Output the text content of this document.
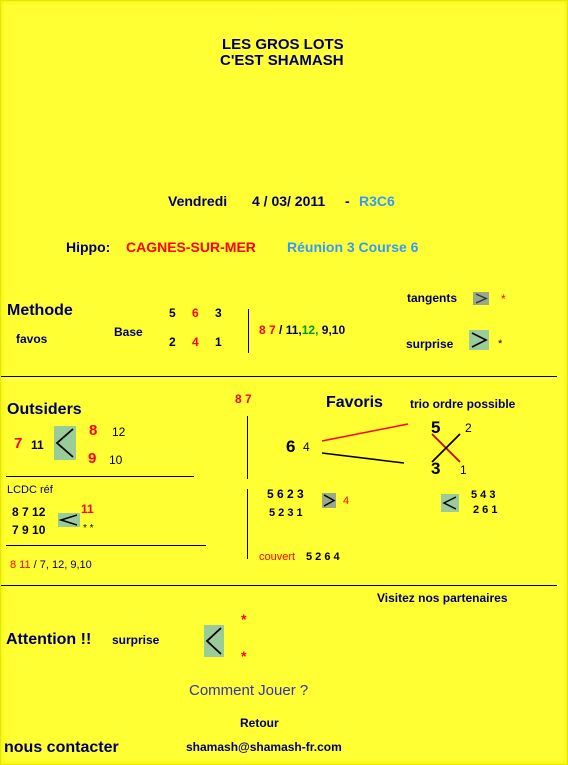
LES GROS LOTS
C'EST SHAMASH
Vendredi 4 / 03/ 2011 - R3C6
Hippo: CAGNES-SUR-MER Réunion 3 Course 6
Methode
favos	Base
5 6 3
2 4 1
8 7 / 11,12, 9,10
tangents	*
surprise	*
Outsiders
7 11
8 12
9 10
LCDC réf
8 7 12
7 9 10
11
* *
8 11 / 7, 12, 9,10
8 7
6 4
5 6 2 3
5 2 3 1
4
couvert 5 2 6 4
Favoris trio ordre possible
5 2
3 1
5 4 3
2 6 1
Visitez nos partenaires
Attention !! surprise
*
*
Comment Jouer ?
Retour
nous contacter	shamash@shamash-fr.com
